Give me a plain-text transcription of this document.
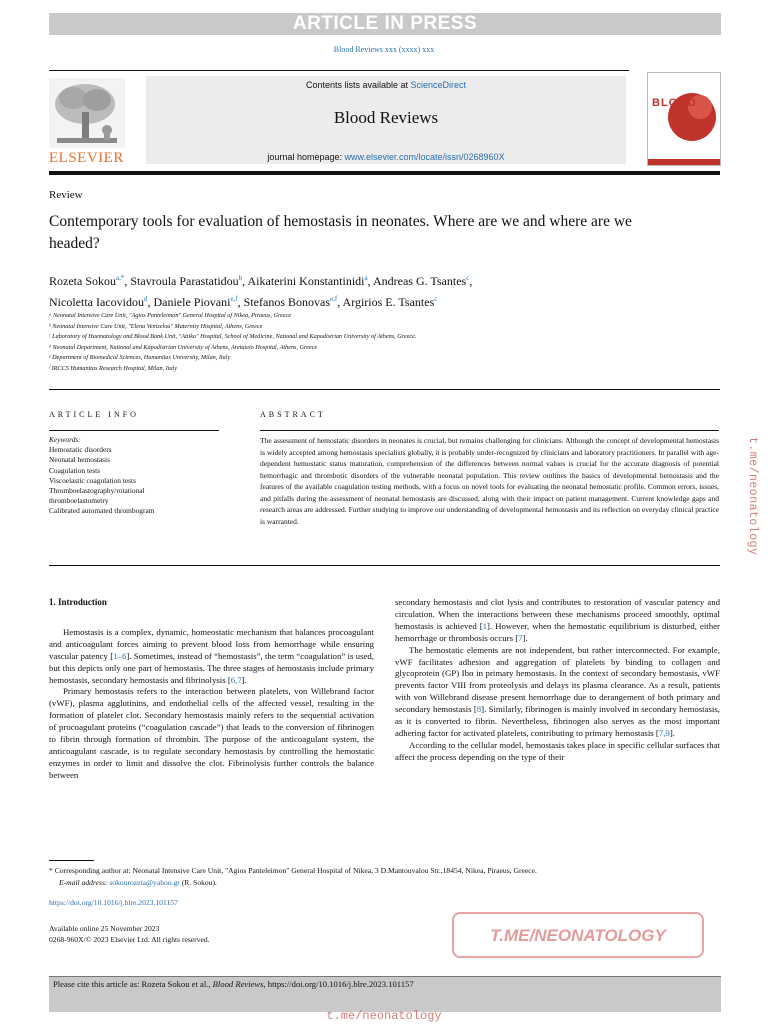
ARTICLE IN PRESS
Blood Reviews xxx (xxxx) xxx
Contents lists available at ScienceDirect
Blood Reviews
journal homepage: www.elsevier.com/locate/issn/0268960X
ELSEVIER
BLOOD
Review
Contemporary tools for evaluation of hemostasis in neonates. Where are we and where are we headed?
Rozeta Sokou$^{a,*}$, Stavroula Parastatidou$^b$, Aikaterini Konstantinidi$^a$, Andreas G. Tsantes$^c$,
Nicoletta Iacovidou$^d$, Daniele Piovani$^{e,f}$, Stefanos Bonovas$^{e,f}$, Argirios E. Tsantes$^c$
ᵃ Neonatal Intensive Care Unit, "Agios Panteleimon" General Hospital of Nikea, Piraeus, Greece
ᵇ Neonatal Intensive Care Unit, "Elena Venizelou" Maternity Hospital, Athens, Greece
ᶜ Laboratory of Haematology and Blood Bank Unit, "Attiko" Hospital, School of Medicine, National and Kapodistrian University of Athens, Greece.
ᵈ Neonatal Department, National and Kapodistrian University of Athens, Aretaieio Hospital, Athens, Greece
ᵉ Department of Biomedical Sciences, Humanitas University, Milan, Italy
ᶠ IRCCS Humanitas Research Hospital, Milan, Italy
ARTICLE INFO
Keywords:
Hemostatic disorders
Neonatal hemostasis
Coagulation tests
Viscoelastic coagulation tests
Thromboelastography/rotational
thromboelastometry
Calibrated automated thrombogram
ABSTRACT
The assessment of hemostatic disorders in neonates is crucial, but remains challenging for clinicians. Although the concept of developmental hemostasis is widely accepted among hemostasis specialists globally, it is probably under-recognized by clinicians and laboratory practitioners. In parallel with age-dependent hemostatic status maturation, comprehension of the differences between normal values is crucial for the accurate diagnosis of potential hemorrhagic and thrombotic disorders of the vulnerable neonatal population. This review outlines the basics of developmental hemostasis and the features of the available coagulation testing methods, with a focus on novel tools for evaluating the neonatal hemostatic profile. Common errors, issues, and pitfalls during the assessment of neonatal hemostasis are discussed, along with their impact on patient management. Current knowledge gaps and research areas are addressed. Further studying to improve our understanding of developmental hemostasis and its reflection on everyday clinical practice is warranted.

1. Introduction

Hemostasis is a complex, dynamic, homeostatic mechanism that balances procoagulant and anticoagulant forces aiming to prevent blood loss from hemorrhage while ensuring vascular patency [1–6]. Sometimes, instead of “hemostasis”, the term “coagulation” is used, but this depicts only one part of hemostasis. The three stages of hemostasis include primary hemostasis, secondary hemostasis and fibrinolysis [6,7].

Primary hemostasis refers to the interaction between platelets, von Willebrand factor (vWF), plasma agglutinins, and endothelial cells of the affected vessel, resulting in the formation of platelet clot. Secondary hemostasis mainly refers to the sequential activation of procoagulant proteins (“coagulation cascade”) that leads to the conversion of fibrinogen to fibrin through formation of thrombin. The purpose of the anticoagulant system, the anticoagulant cascade, is to regulate secondary hemostasis by controlling the hemostatic enzymes in order to limit and dissolve the clot. Fibrinolysis further controls the balance between

secondary hemostasis and clot lysis and contributes to restoration of vascular patency and circulation. When the interactions between these mechanisms proceed smoothly, optimal hemostasis is achieved [1]. However, when the hemostatic equilibrium is disturbed, either hemorrhage or thrombosis occurs [7].

The hemostatic elements are not independent, but rather interconnected. For example, vWF facilitates adhesion and aggregation of platelets by binding to collagen and glycoprotein (GP) Ibα in primary hemostasis. In the context of secondary hemostasis, vWF prevents factor VIII from proteolysis and delays its plasma clearance. As a result, patients with von Willebrand disease present hemorrhage due to derangement of both primary and secondary hemostasis [8]. Similarly, fibrinogen is mainly involved in secondary hemostasis, as it is converted to fibrin. Nevertheless, fibrinogen also serves as the most important adhering factor for activated platelets, contributing to primary hemostasis [7,9].

According to the cellular model, hemostasis takes place in specific cellular surfaces that affect the process depending on the type of their

* Corresponding author at: Neonatal Intensive Care Unit, "Agios Panteleimon" General Hospital of Nikea, 3 D.Mantouvalou Str.,18454, Nikea, Piraeus, Greece.
E-mail address: sokourozeta@yahoo.gr (R. Sokou).
https://doi.org/10.1016/j.blre.2023.101157
Available online 25 November 2023
0268-960X/© 2023 Elsevier Ltd. All rights reserved.	T.ME/NEONATOLOGY
Please cite this article as: Rozeta Sokou et al., Blood Reviews, https://doi.org/10.1016/j.blre.2023.101157
t.me/neonatology
t.me/neonatology
